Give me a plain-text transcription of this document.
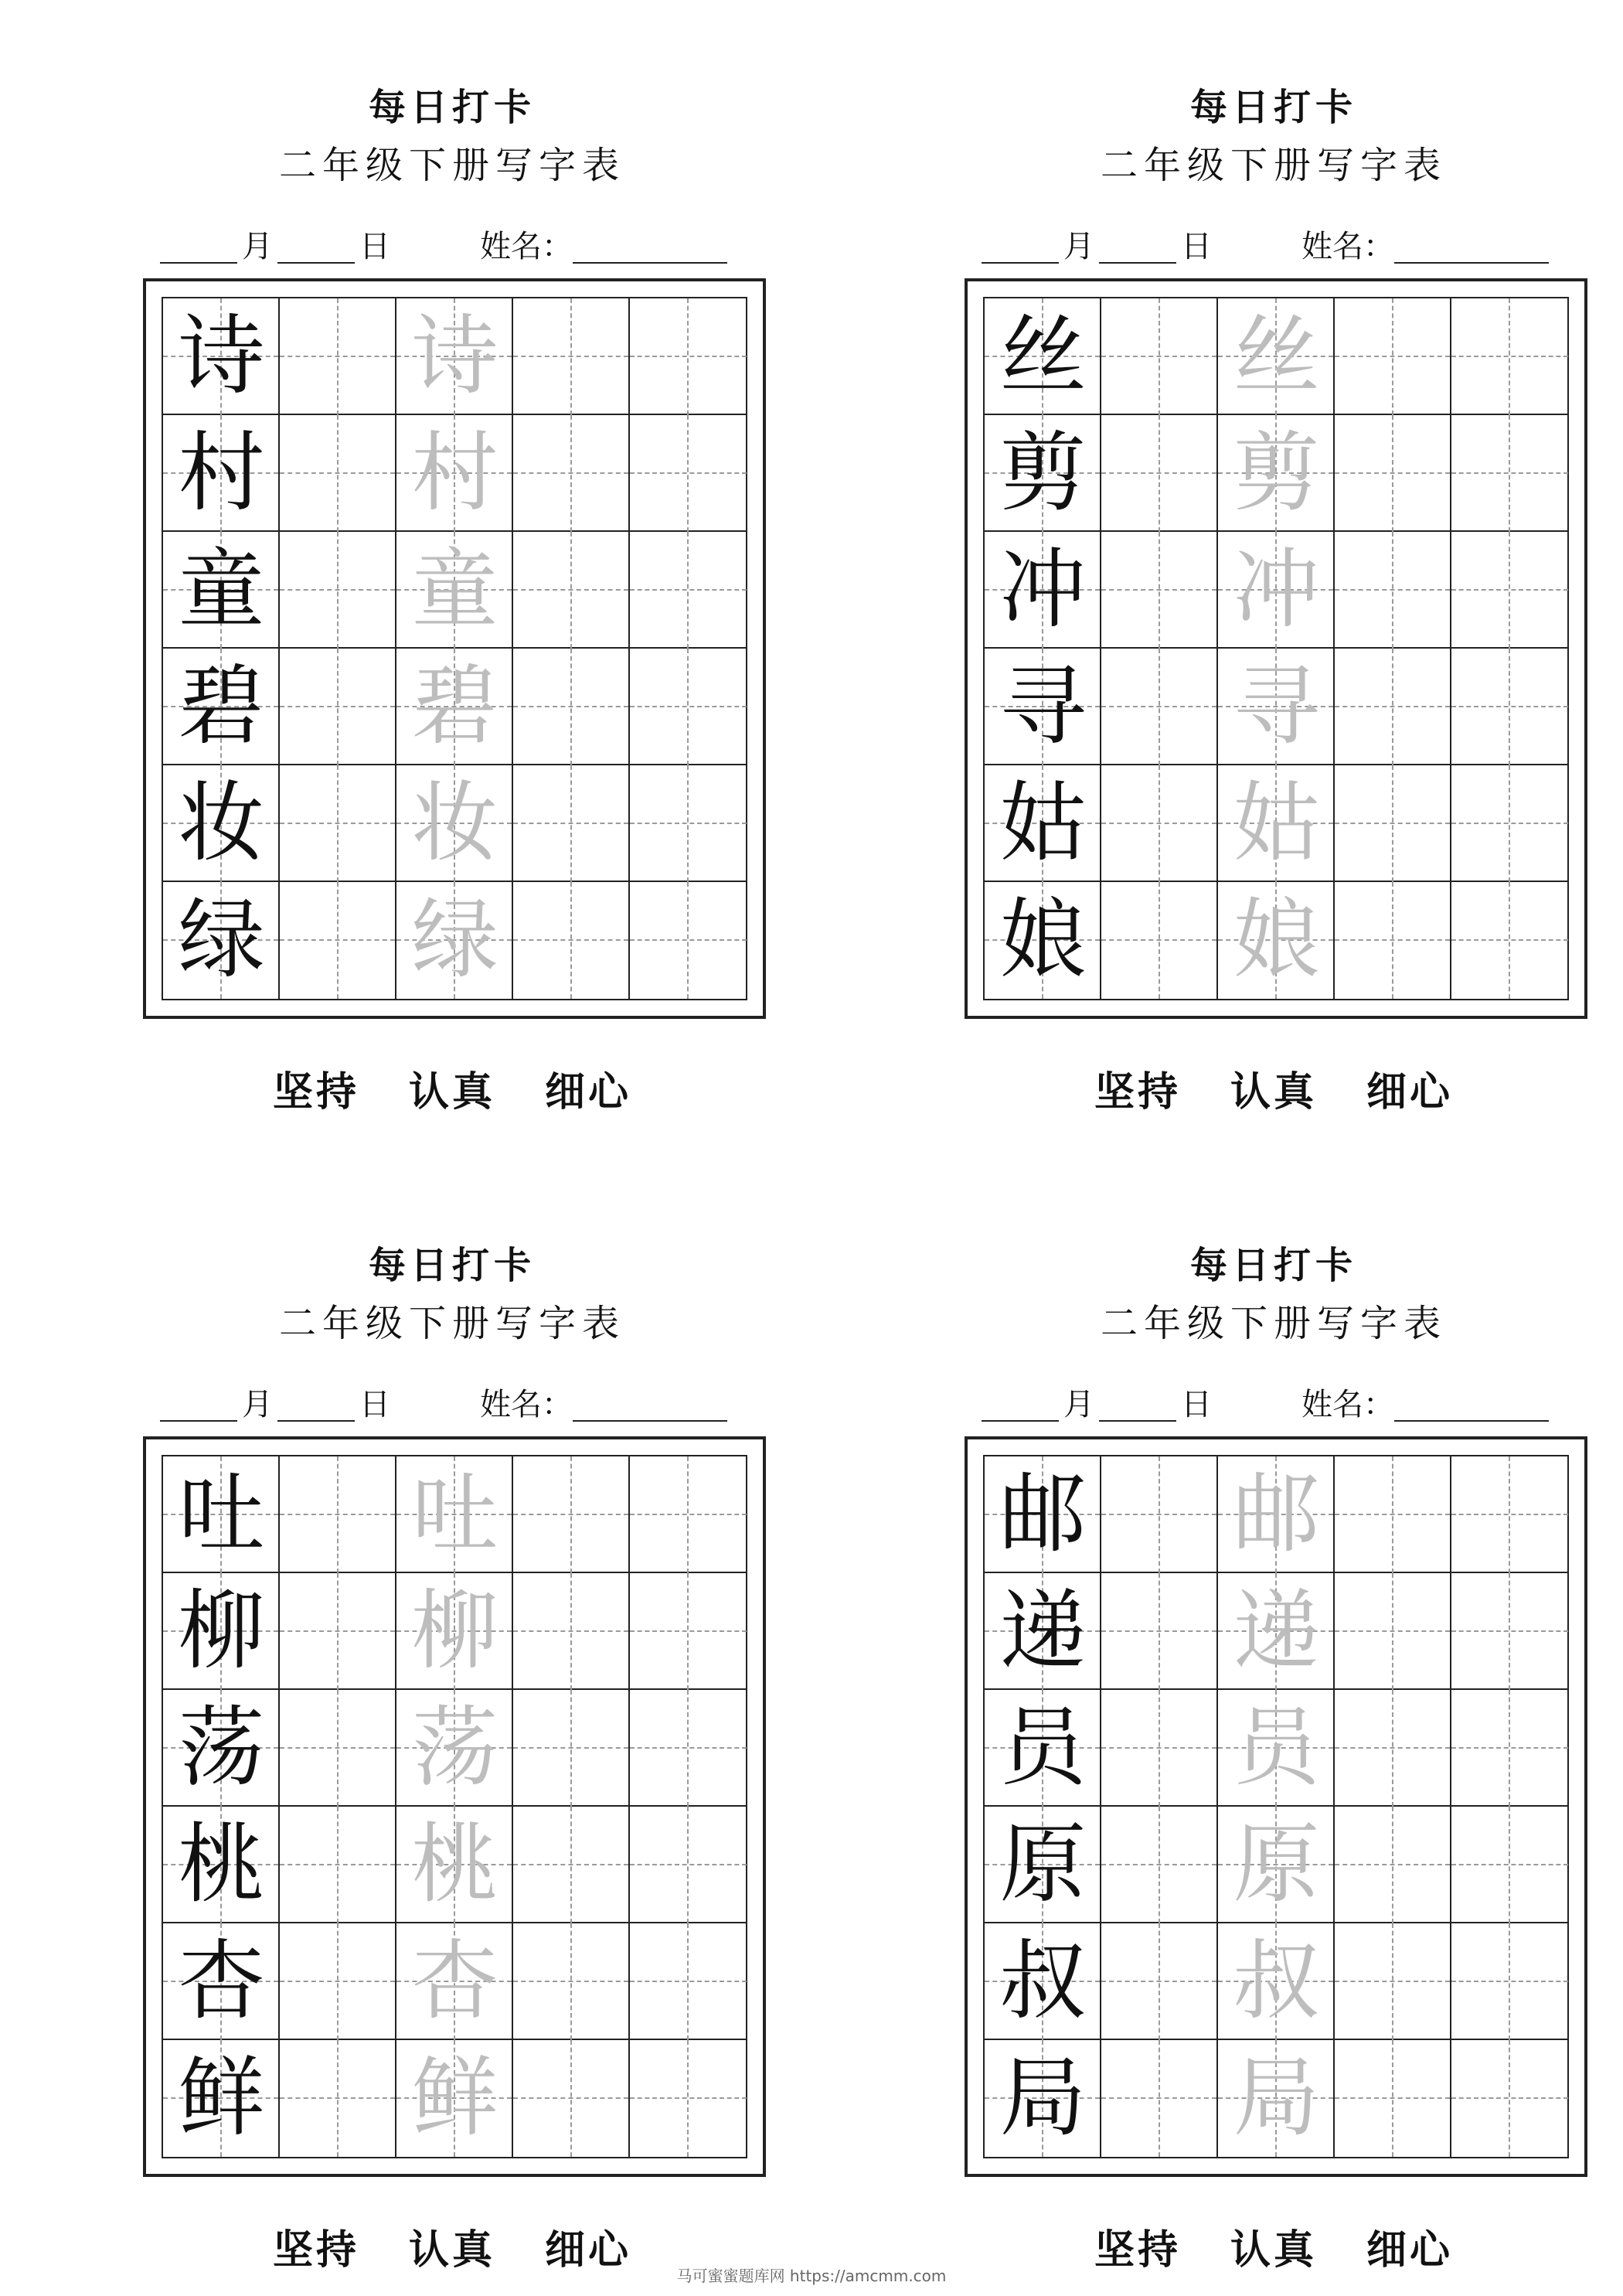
每日打卡
二年级下册写字表
月	日	姓名：
诗 诗
村 村
童 童
碧 碧
妆 妆
绿 绿
坚持 认真 细心
每日打卡
二年级下册写字表
月	日	姓名：
丝 丝
剪 剪
冲 冲
寻 寻
姑 姑
娘 娘
坚持 认真 细心
每日打卡
二年级下册写字表
月	日	姓名：
吐 吐
柳 柳
荡 荡
桃 桃
杏 杏
鲜 鲜
坚持 认真 细心
每日打卡
二年级下册写字表
月	日	姓名：
邮 邮
递 递
员 员
原 原
叔 叔
局 局
坚持 认真 细心
马可蜜蜜题库网 https://amcmm.com
